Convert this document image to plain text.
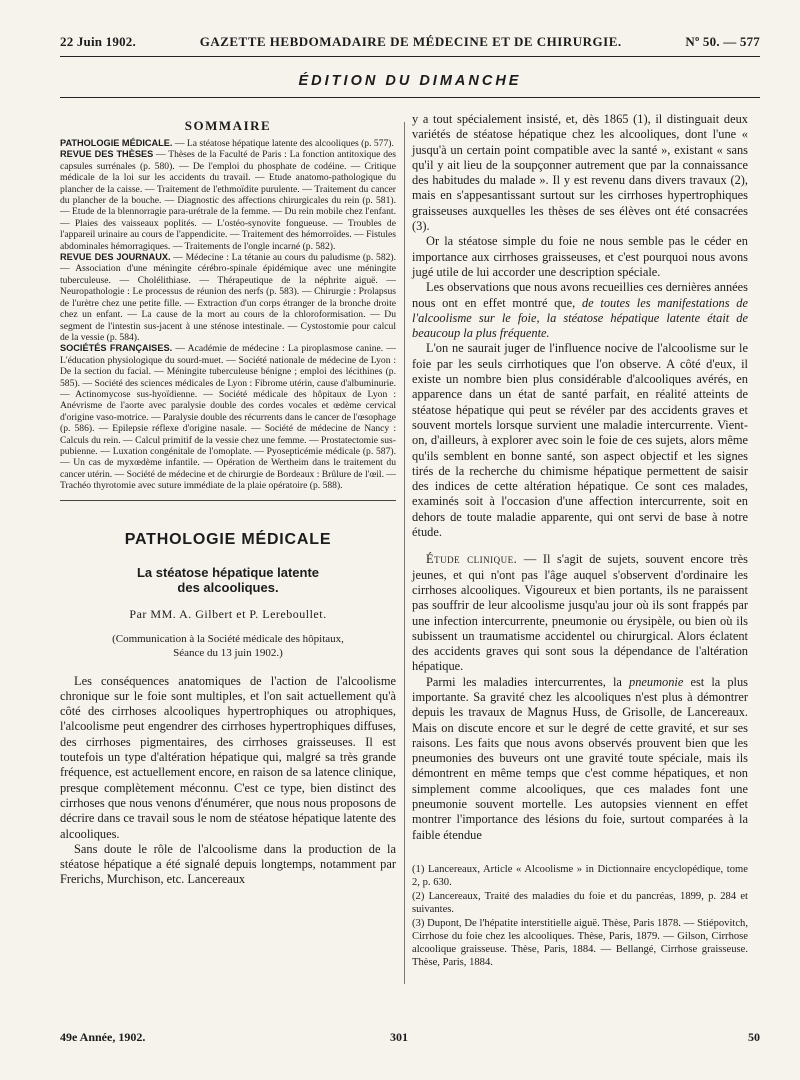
22 Juin 1902.	GAZETTE HEBDOMADAIRE DE MÉDECINE ET DE CHIRURGIE.	Nº 50. — 577
ÉDITION DU DIMANCHE
SOMMAIRE

PATHOLOGIE MÉDICALE. — La stéatose hépatique latente des alcooliques (p. 577).

REVUE DES THÈSES — Thèses de la Faculté de Paris : La fonction antitoxique des capsules surrénales (p. 580). — De l'emploi du phosphate de codéine. — Critique médicale de la loi sur les accidents du travail. — Etude anatomo-pathologique du plancher de la caisse. — Traitement de l'ethmoïdite purulente. — Traitement du cancer du plancher de la bouche. — Diagnostic des affections chirurgicales du rein (p. 581). — Etude de la blennorragie para-urétrale de la femme. — Du rein mobile chez l'enfant. — Plaies des vaisseaux poplités. — L'ostéo-synovite fongueuse. — Troubles de l'appareil urinaire au cours de l'appendicite. — Traitement des hémorroïdes. — Fistules abdominales hémorragiques. — Traitements de l'ongle incarné (p. 582).

REVUE DES JOURNAUX. — Médecine : La tétanie au cours du paludisme (p. 582). — Association d'une méningite cérébro-spinale épidémique avec une méningite tuberculeuse. — Cholélithiase. — Thérapeutique de la néphrite aiguë. — Neuropathologie : Le processus de réunion des nerfs (p. 583). — Chirurgie : Prolapsus de l'urètre chez une petite fille. — Extraction d'un corps étranger de la bronche droite chez un enfant. — La cause de la mort au cours de la chloroformisation. — Du segment de l'intestin sus-jacent à une sténose intestinale. — Cystostomie pour calcul de la vessie (p. 584).

SOCIÉTÉS FRANÇAISES. — Académie de médecine : La piroplasmose canine. — L'éducation physiologique du sourd-muet. — Société nationale de médecine de Lyon : De la section du facial. — Méningite tuberculeuse bénigne ; emploi des lécithines (p. 585). — Société des sciences médicales de Lyon : Fibrome utérin, cause d'albuminurie. — Actinomycose sus-hyoïdienne. — Société médicale des hôpitaux de Lyon : Anévrisme de l'aorte avec paralysie double des cordes vocales et œdème cervical d'origine vaso-motrice. — Paralysie double des récurrents dans le cancer de l'œsophage (p. 586). — Epilepsie réflexe d'origine nasale. — Société de médecine de Nancy : Calculs du rein. — Calcul primitif de la vessie chez une femme. — Prostatectomie sus-pubienne. — Luxation congénitale de l'omoplate. — Pyosepticémie médicale (p. 587). — Un cas de myxœdème infantile. — Opération de Wertheim dans le traitement du cancer utérin. — Société de médecine et de chirurgie de Bordeaux : Brûlure de l'œil. — Trachéo thyrotomie avec suture immédiate de la plaie opératoire (p. 588).

PATHOLOGIE MÉDICALE
La stéatose hépatique latente
des alcooliques.
Par MM. A. Gilbert et P. Lereboullet.
(Communication à la Société médicale des hôpitaux,
Séance du 13 juin 1902.)

Les conséquences anatomiques de l'action de l'alcoolisme chronique sur le foie sont multiples, et l'on sait actuellement qu'à côté des cirrhoses alcooliques hypertrophiques ou atrophiques, l'alcoolisme peut engendrer des cirrhoses hypertrophiques diffuses, des cirrhoses pigmentaires, des cirrhoses graisseuses. Il est toutefois un type d'altération hépatique qui, malgré sa très grande fréquence, est actuellement encore, en raison de sa latence clinique, presque complètement méconnu. C'est ce type, bien distinct des cirrhoses que nous venons d'énumérer, que nous nous proposons de décrire dans ce travail sous le nom de stéatose hépatique latente des alcooliques.

Sans doute le rôle de l'alcoolisme dans la production de la stéatose hépatique a été signalé depuis longtemps, notamment par Frerichs, Murchison, etc. Lancereaux

y a tout spécialement insisté, et, dès 1865 (1), il distinguait deux variétés de stéatose hépatique chez les alcooliques, dont l'une « jusqu'à un certain point compatible avec la santé », existant « sans qu'il y ait lieu de la soupçonner autrement que par la connaissance des habitudes du malade ». Il y est revenu dans divers travaux (2), mais en s'appesantissant surtout sur les cirrhoses hypertrophiques graisseuses auxquelles les thèses de ses élèves ont été consacrées (3).

Or la stéatose simple du foie ne nous semble pas le céder en importance aux cirrhoses graisseuses, et c'est pourquoi nous avons jugé utile de lui accorder une description spéciale.

Les observations que nous avons recueillies ces dernières années nous ont en effet montré que, de toutes les manifestations de l'alcoolisme sur le foie, la stéatose hépatique latente était de beaucoup la plus fréquente.

L'on ne saurait juger de l'influence nocive de l'alcoolisme sur le foie par les seuls cirrhotiques que l'on observe. A côté d'eux, il existe un nombre bien plus considérable d'alcooliques avérés, en apparence dans un état de santé parfait, en réalité atteints de stéatose hépatique qui peut se révéler par des accidents graves et souvent mortels lorsque survient une maladie intercurrente. Vient-on, d'ailleurs, à explorer avec soin le foie de ces sujets, alors même qu'ils semblent en bonne santé, son aspect objectif et les signes tirés de la recherche du chimisme hépatique permettent de saisir des indices de cette altération hépatique. Ce sont ces malades, examinés soit à l'occasion d'une affection intercurrente, soit en dehors de toute maladie apparente, qui ont servi de base à notre étude.

Étude clinique. — Il s'agit de sujets, souvent encore très jeunes, et qui n'ont pas l'âge auquel s'observent d'ordinaire les cirrhoses alcooliques. Vigoureux et bien portants, ils ne paraissent pas souffrir de leur alcoolisme jusqu'au jour où ils sont frappés par une infection intercurrente, pneumonie ou érysipèle, ou bien où ils subissent un traumatisme accidentel ou chirurgical. Alors éclatent des accidents graves qui sont sous la dépendance de l'altération hépatique.

Parmi les maladies intercurrentes, la pneumonie est la plus importante. Sa gravité chez les alcooliques n'est plus à démontrer depuis les travaux de Magnus Huss, de Grisolle, de Lancereaux. Mais on discute encore et sur le degré de cette gravité, et sur ses raisons. Les faits que nous avons observés prouvent bien que les pneumonies des buveurs ont une gravité toute spéciale, mais ils démontrent en même temps que c'est comme hépatiques, et non simplement comme alcooliques, que ces malades font une pneumonie souvent mortelle. Les autopsies viennent en effet montrer l'importance des lésions du foie, surtout comparées à la faible étendue

(1) Lancereaux, Article « Alcoolisme » in Dictionnaire encyclopédique, tome 2, p. 630.

(2) Lancereaux, Traité des maladies du foie et du pancréas, 1899, p. 284 et suivantes.

(3) Dupont, De l'hépatite interstitielle aiguë. Thèse, Paris 1878. — Stiépovitch, Cirrhose du foie chez les alcooliques. Thèse, Paris, 1879. — Gilson, Cirrhose alcoolique graisseuse. Thèse, Paris, 1884. — Bellangé, Cirrhose graisseuse. Thèse, Paris, 1884.

49e Année, 1902.	301	50
